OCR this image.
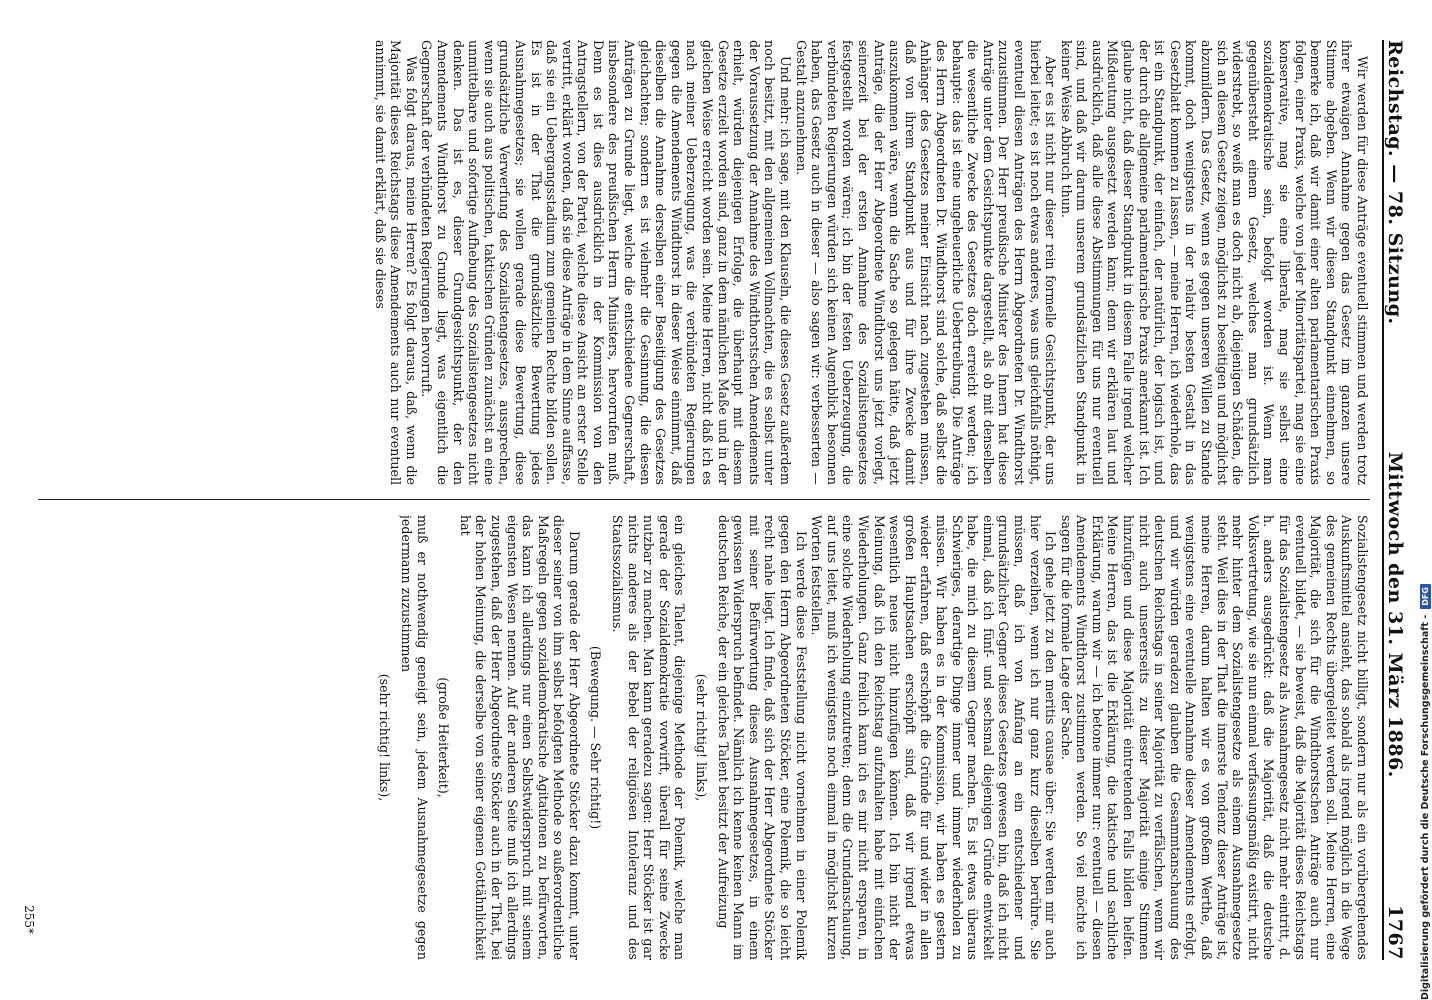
Reichstag. — 78. Sitzung.
Mittwoch den 31. März 1886.
1767

Wir werden für diese Anträge eventuell stimmen und werden trotz ihrer etwaigen Annahme gegen das Gesetz im ganzen unsere Stimme abgeben. Wenn wir diesen Standpunkt einnehmen, so bemerke ich, daß wir damit einer alten parlamentarischen Praxis folgen, einer Praxis, welche von jeder Minoritätspartei, mag sie eine konservative, mag sie eine liberale, mag sie selbst eine sozialdemokratische sein, befolgt worden ist. Wenn man gegenübersteht einem Gesetz, welches man grundsätzlich widerstrebt, so weiß man es doch nicht ab, diejenigen Schäden, die sich an diesem Gesetz zeigen, möglichst zu beseitigen und möglichst abzumildern. Das Gesetz, wenn es gegen unseren Willen zu Stande kommt, doch wenigstens in der relativ besten Gestalt in das Gesetzblatt kommen zu lassen, — meine Herren, ich wiederhole, das ist ein Standpunkt, der einfach, der natürlich, der logisch ist, und der durch die allgemeine parlamentarische Praxis anerkannt ist. Ich glaube nicht, daß dieser Standpunkt in diesem Falle irgend welcher Mißdeutung ausgesetzt werden kann; denn wir erklären laut und ausdrücklich, daß alle diese Abstimmungen für uns nur eventuell sind, und daß wir darum unserem grundsätzlichen Standpunkt in keiner Weise Abbruch thun.

Aber es ist nicht nur dieser rein formelle Gesichtspunkt, der uns hierbei leitet; es ist noch etwas anderes, was uns gleichfalls nöthigt, eventuell diesen Anträgen des Herrn Abgeordneten Dr. Windthorst zuzustimmen. Der Herr preußische Minister des Innern hat diese Anträge unter dem Gesichtspunkte dargestellt, als ob mit denselben die wesentliche Zwecke des Gesetzes doch erreicht werden; ich behaupte: das ist eine ungeheuerliche Uebertreibung. Die Anträge des Herrn Abgeordneten Dr. Windthorst sind solche, daß selbst die Anhänger des Gesetzes meiner Einsicht nach zugestehen müssen, daß von ihrem Standpunkt aus und für ihre Zwecke damit auszukommen wäre, wenn die Sache so gelegen hätte, daß jetzt Anträge, die der Herr Abgeordnete Windthorst uns jetzt vorlegt, seinerzeit bei der ersten Annahme des Sozialistengesetzes festgestellt worden wären; ich bin der festen Ueberzeugung, die verbündeten Regierungen würden sich keinen Augenblick besonnen haben, das Gesetz auch in dieser — also sagen wir: verbesserten — Gestalt anzunehmen.

Und mehr: ich sage, mit den Klauseln, die dieses Gesetz außerdem noch besitzt, mit den allgemeinen Vollmachten, die es selbst unter der Voraussetzung der Annahme des Windthorstschen Amendements erhielt, würden diejenigen Erfolge, die überhaupt mit diesem Gesetze erzielt worden sind, ganz in dem nämlichen Maße und in der gleichen Weise erreicht worden sein. Meine Herren, nicht daß ich es nach meiner Ueberzeugung, was die verbündeten Regierungen gegen die Amendements Windthorst in dieser Weise einnimmt, daß dieselben die Annahme derselben einer Beseitigung des Gesetzes gleichachten; sondern es ist vielmehr die Gesinnung, die diesen Anträgen zu Grunde liegt, welche die entschiedene Gegnerschaft, insbesondere des preußischen Herrn Ministers, hervorrufen muß. Denn es ist dies ausdrücklich in der Kommission von den Antragstellern, von der Partei, welche diese Ansicht an erster Stelle vertritt, erklärt worden, daß sie diese Anträge in dem Sinne auffasse, daß sie ein Uebergangsstadium zum gemeinen Rechte bilden sollen. Es ist in der That die grundsätzliche Bewertung jedes Ausnahmegesetzes; sie wollen gerade diese Bewertung, diese grundsätzliche Verwerfung des Sozialistengesetzes, aussprechen, wenn sie auch aus politischen, taktischen Gründen zunächst an eine unmittelbare und sofortige Aufhebung des Sozialistengesetzes nicht denken. Das ist es, dieser Grundgesichtspunkt, der den Amendements Windthorst zu Grunde liegt, was eigentlich die Gegnerschaft der verbündeten Regierungen hervorruft.

Was folgt daraus, meine Herren? Es folgt daraus, daß, wenn die Majorität dieses Reichstags diese Amendements auch nur eventuell annimmt, sie damit erklärt, daß sie dieses

Sozialistengesetz nicht billigt, sondern nur als ein vorübergehendes Auskunftsmittel ansieht, das sobald als irgend möglich in die Wege des gemeinen Rechts übergeleitet werden soll. Meine Herren, eine Majorität, die sich für die Windthorstschen Anträge auch nur eventuell bildet, — sie beweist, daß die Majorität dieses Reichstags für das Sozialistengesetz als Ausnahmegesetz nicht mehr eintritt, d. h. anders ausgedrückt: daß die Majorität, daß die deutsche Volksvertretung, wie sie nun einmal verfassungsmäßig existirt, nicht mehr hinter dem Sozialistengesetze als einem Ausnahmegesetze steht. Weil dies in der That die innerste Tendenz dieser Anträge ist, meine Herren, darum halten wir es von großem Werthe, daß wenigstens eine eventuelle Annahme dieser Amendements erfolgt, und wir würden geradezu glauben die Gesammtanschauung des deutschen Reichstags in seiner Majorität zu verfälschen, wenn wir nicht auch unsererseits zu dieser Majorität einige Stimmen hinzufügen und diese Majorität eintretenden Falls bilden helfen. Meine Herren, das ist die Erklärung, die taktische und sachliche Erklärung, warum wir — ich betone immer nur: eventuell — diesen Amendements Windthorst zustimmen werden. So viel möchte ich sagen für die formale Lage der Sache.

Ich gehe jetzt zu den meritis causae über: Sie werden mir auch hier verzeihen, wenn ich nur ganz kurz dieselben berühre. Sie müssen, daß ich von Anfang an ein entschiedener und grundsätzlicher Gegner dieses Gesetzes gewesen bin, daß ich nicht einmal, daß ich fünf- und sechsmal diejenigen Gründe entwickelt habe, die mich zu diesem Gegner machen. Es ist etwas überaus Schwieriges, derartige Dinge immer und immer wiederholen zu müssen. Wir haben es in der Kommission, wir haben es gestern wieder erfahren, daß erschöpft die Gründe für und wider in allen großen Hauptsachen erschöpft sind, daß wir irgend etwas wesentlich neues nicht hinzufügen können. Ich bin nicht der Meinung, daß ich den Reichstag aufzuhalten habe mit einfachen Wiederholungen. Ganz freilich kann ich es mir nicht ersparen, in eine solche Wiederholung einzutreten; denn die Grundanschauung, auf uns leitet, muß ich wenigstens noch einmal in möglichst kurzen Worten feststellen.

Ich werde diese Feststellung nicht vornehmen in einer Polemik gegen den Herrn Abgeordneten Stöcker, eine Polemik, die so leicht recht nahe liegt. Ich finde, daß sich der Herr Abgeordnete Stöcker mit seiner Befürwortung dieses Ausnahmegesetzes, in einem gewissen Widerspruch befindet. Nämlich ich kenne keinen Mann im deutschen Reiche, der ein gleiches Talent besitzt der Aufreizung

(sehr richtig! links),

ein gleiches Talent, diejenige Methode der Polemik, welche man gerade der Sozialdemokratie vorwirft, überall für seine Zwecke nutzbar zu machen. Man kann geradezu sagen: Herr Stöcker ist gar nichts anderes als der Bebel der religiösen Intoleranz und des Staatssozialismus.

(Bewegung. — Sehr richtig!)

Darum gerade der Herr Abgeordnete Stöcker dazu kommt, unter dieser seiner von ihm selbst befolgten Methode so außerordentliche Maßregeln gegen sozialdemokratische Agitationen zu befürworten, das kann ich allerdings nur einen Selbstwiderspruch mit seinem eigensten Wesen nennen. Auf der anderen Seite muß ich allerdings zugestehen, daß der Herr Abgeordnete Stöcker auch in der That, bei der hohen Meinung, die derselbe von seiner eigenen Gottähnlichkeit hat

(große Heiterkeit),

muß er nothwendig geneigt sein, jedem Ausnahmegesetze gegen jedermann zuzustimmen

(sehr richtig! links),

255*	Digitalisierung gefördert durch die Deutsche Forschungsgemeinschaft -
DFG
